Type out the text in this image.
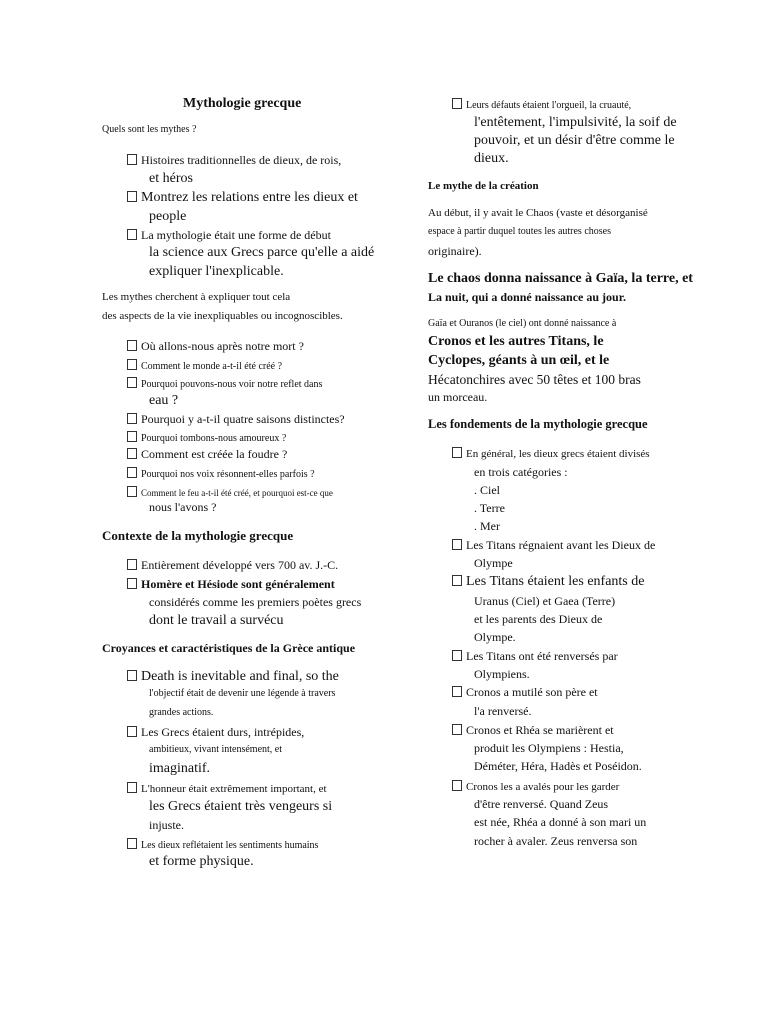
Mythologie grecque
Quels sont les mythes ?
Histoires traditionnelles de dieux, de rois,
et héros
Montrez les relations entre les dieux et
people
La mythologie était une forme de début
la science aux Grecs parce qu'elle a aidé
expliquer l'inexplicable.
Les mythes cherchent à expliquer tout cela
des aspects de la vie inexpliquables ou incognoscibles.
Où allons-nous après notre mort ?
Comment le monde a-t-il été créé ?
Pourquoi pouvons-nous voir notre reflet dans
eau ?
Pourquoi y a-t-il quatre saisons distinctes?
Pourquoi tombons-nous amoureux ?
Comment est créée la foudre ?
Pourquoi nos voix résonnent-elles parfois ?
Comment le feu a-t-il été créé, et pourquoi est-ce que
nous l'avons ?
Contexte de la mythologie grecque
Entièrement développé vers 700 av. J.-C.
Homère et Hésiode sont généralement
considérés comme les premiers poètes grecs
dont le travail a survécu
Croyances et caractéristiques de la Grèce antique
Death is inevitable and final, so the
l'objectif était de devenir une légende à travers
grandes actions.
Les Grecs étaient durs, intrépides,
ambitieux, vivant intensément, et
imaginatif.
L'honneur était extrêmement important, et
les Grecs étaient très vengeurs si
injuste.
Les dieux reflétaient les sentiments humains
et forme physique.
Leurs défauts étaient l'orgueil, la cruauté,
l'entêtement, l'impulsivité, la soif de
pouvoir, et un désir d'être comme le
dieux.
Le mythe de la création
Au début, il y avait le Chaos (vaste et désorganisé
espace à partir duquel toutes les autres choses
originaire).
Le chaos donna naissance à Gaïa, la terre, et
La nuit, qui a donné naissance au jour.
Gaïa et Ouranos (le ciel) ont donné naissance à
Cronos et les autres Titans, le
Cyclopes, géants à un œil, et le
Hécatonchires avec 50 têtes et 100 bras
un morceau.
Les fondements de la mythologie grecque
En général, les dieux grecs étaient divisés
en trois catégories :
. Ciel
. Terre
. Mer
Les Titans régnaient avant les Dieux de
Olympe
Les Titans étaient les enfants de
Uranus (Ciel) et Gaea (Terre)
et les parents des Dieux de
Olympe.
Les Titans ont été renversés par
Olympiens.
Cronos a mutilé son père et
l'a renversé.
Cronos et Rhéa se marièrent et
produit les Olympiens : Hestia,
Déméter, Héra, Hadès et Poséidon.
Cronos les a avalés pour les garder
d'être renversé. Quand Zeus
est née, Rhéa a donné à son mari un
rocher à avaler. Zeus renversa son
